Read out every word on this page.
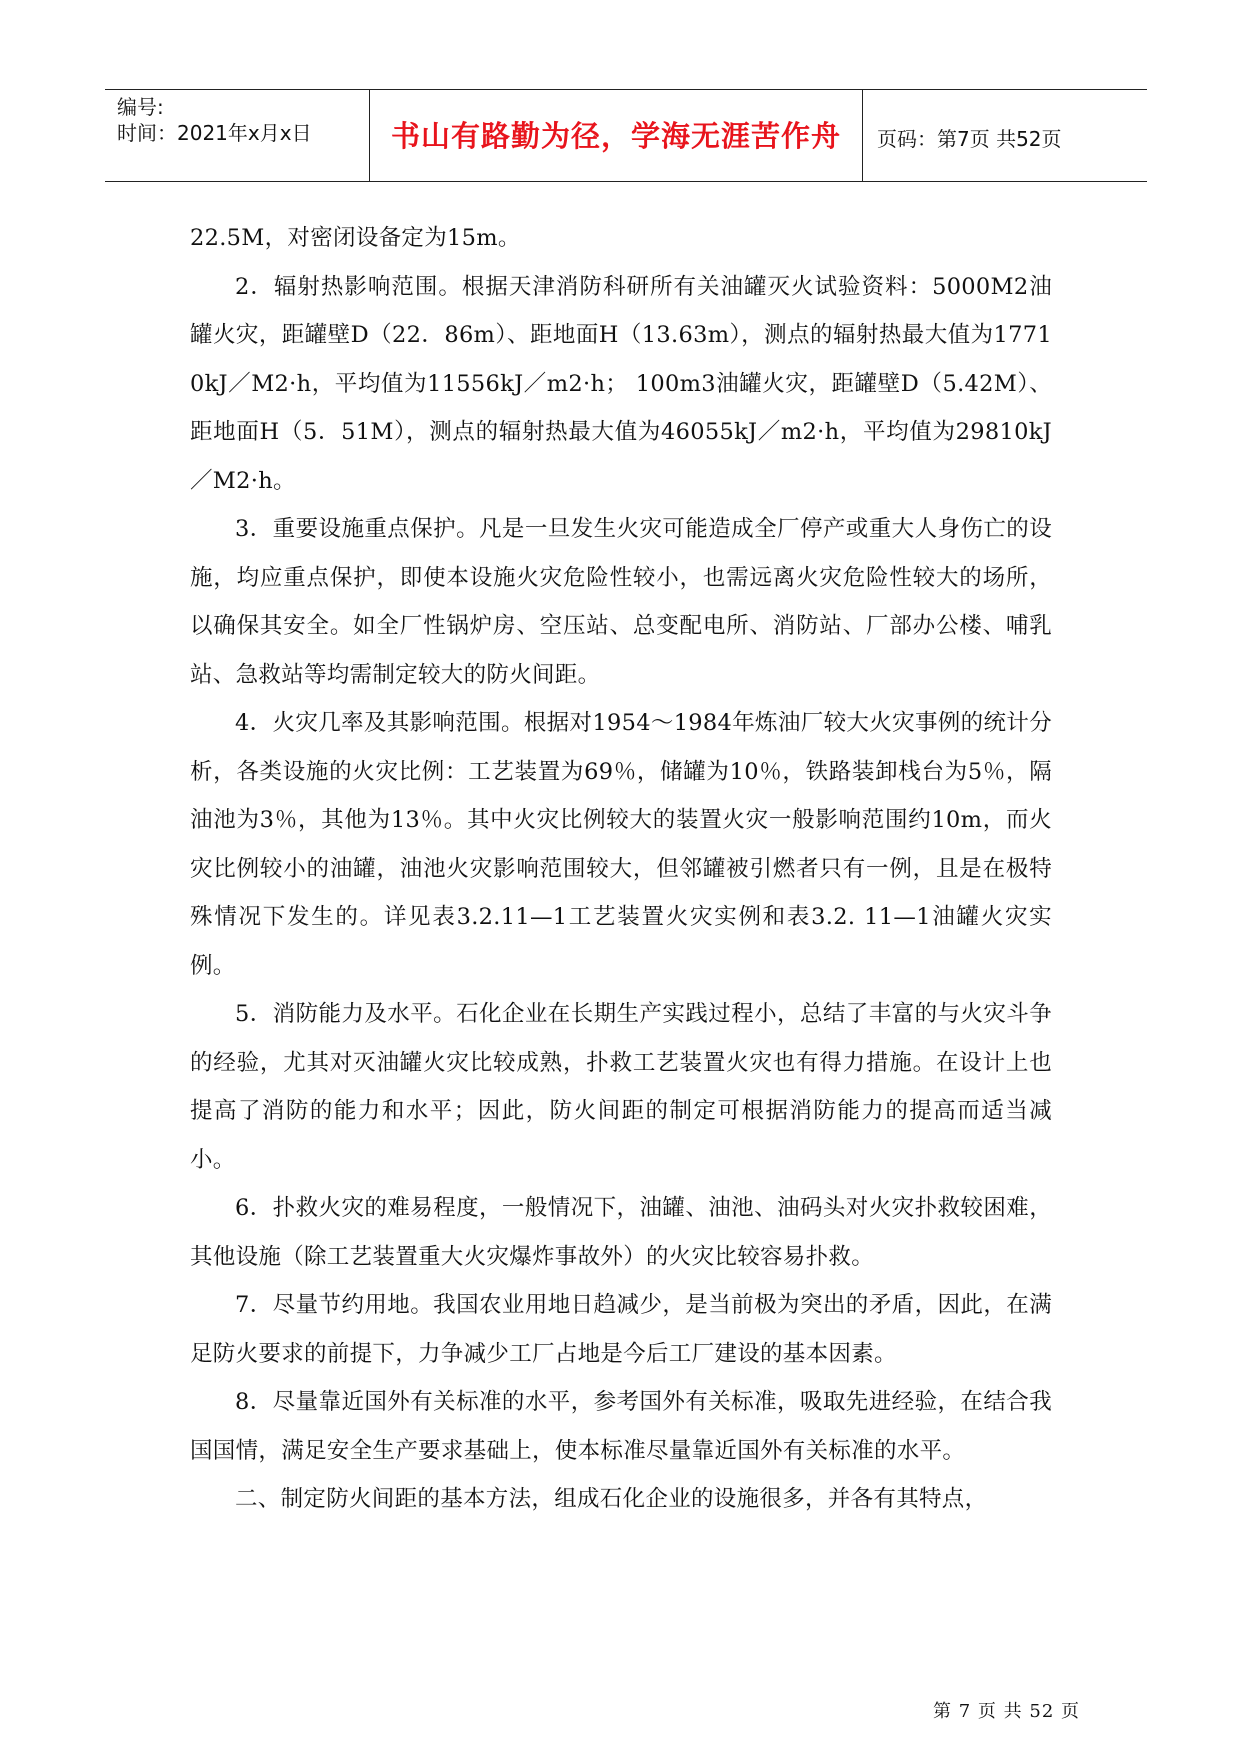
编号:
时间：2021年x月x日	书山有路勤为径，学海无涯苦作舟	页码：第7页 共52页

22.5M，对密闭设备定为15m。

2．辐射热影响范围。根据天津消防科研所有关油罐灭火试验资料：5000M2油罐火灾，距罐壁D（22．86m）、距地面H（13.63m），测点的辐射热最大值为17710kJ／M2·h，平均值为11556kJ／m2·h； 100m3油罐火灾，距罐壁D（5.42M）、距地面H（5．51M），测点的辐射热最大值为46055kJ／m2·h，平均值为29810kJ／M2·h。

3．重要设施重点保护。凡是一旦发生火灾可能造成全厂停产或重大人身伤亡的设施，均应重点保护，即使本设施火灾危险性较小，也需远离火灾危险性较大的场所，以确保其安全。如全厂性锅炉房、空压站、总变配电所、消防站、厂部办公楼、哺乳站、急救站等均需制定较大的防火间距。

4．火灾几率及其影响范围。根据对1954～1984年炼油厂较大火灾事例的统计分析，各类设施的火灾比例：工艺装置为69％，储罐为10％，铁路装卸栈台为5％，隔油池为3％，其他为13％。其中火灾比例较大的装置火灾一般影响范围约10m，而火灾比例较小的油罐，油池火灾影响范围较大，但邻罐被引燃者只有一例，且是在极特殊情况下发生的。详见表3.2.11—1工艺装置火灾实例和表3.2. 11—1油罐火灾实例。

5．消防能力及水平。石化企业在长期生产实践过程小，总结了丰富的与火灾斗争的经验，尤其对灭油罐火灾比较成熟，扑救工艺装置火灾也有得力措施。在设计上也提高了消防的能力和水平；因此，防火间距的制定可根据消防能力的提高而适当减小。

6．扑救火灾的难易程度，一般情况下，油罐、油池、油码头对火灾扑救较困难，其他设施（除工艺装置重大火灾爆炸事故外）的火灾比较容易扑救。

7．尽量节约用地。我国农业用地日趋减少，是当前极为突出的矛盾，因此，在满足防火要求的前提下，力争减少工厂占地是今后工厂建设的基本因素。

8．尽量靠近国外有关标准的水平，参考国外有关标准，吸取先进经验，在结合我国国情，满足安全生产要求基础上，使本标准尽量靠近国外有关标准的水平。

二、制定防火间距的基本方法，组成石化企业的设施很多，并各有其特点，

第 7 页 共 52 页
